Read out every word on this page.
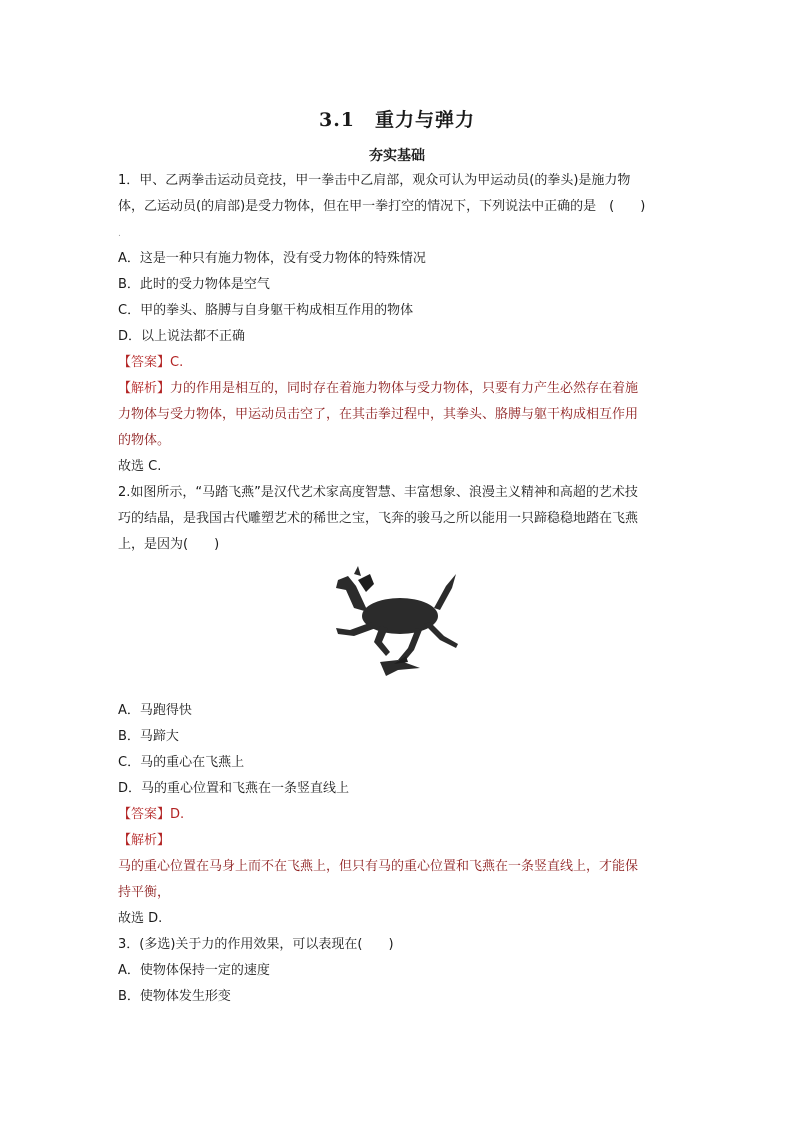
3.1　重力与弹力
夯实基础
1．甲、乙两拳击运动员竞技，甲一拳击中乙肩部，观众可认为甲运动员(的拳头)是施力物
体，乙运动员(的肩部)是受力物体，但在甲一拳打空的情况下，下列说法中正确的是　(　　)
.
A．这是一种只有施力物体，没有受力物体的特殊情况
B．此时的受力物体是空气
C．甲的拳头、胳膊与自身躯干构成相互作用的物体
D．以上说法都不正确
【答案】C.
【解析】力的作用是相互的，同时存在着施力物体与受力物体，只要有力产生必然存在着施
力物体与受力物体，甲运动员击空了，在其击拳过程中，其拳头、胳膊与躯干构成相互作用
的物体。
故选 C.
2.如图所示，“马踏飞燕”是汉代艺术家高度智慧、丰富想象、浪漫主义精神和高超的艺术技
巧的结晶，是我国古代雕塑艺术的稀世之宝，飞奔的骏马之所以能用一只蹄稳稳地踏在飞燕
上，是因为(　　)
A．马跑得快
B．马蹄大
C．马的重心在飞燕上
D．马的重心位置和飞燕在一条竖直线上
【答案】D.
【解析】
马的重心位置在马身上而不在飞燕上，但只有马的重心位置和飞燕在一条竖直线上，才能保
持平衡，
故选 D.
3．(多选)关于力的作用效果，可以表现在(　　)
A．使物体保持一定的速度
B．使物体发生形变
